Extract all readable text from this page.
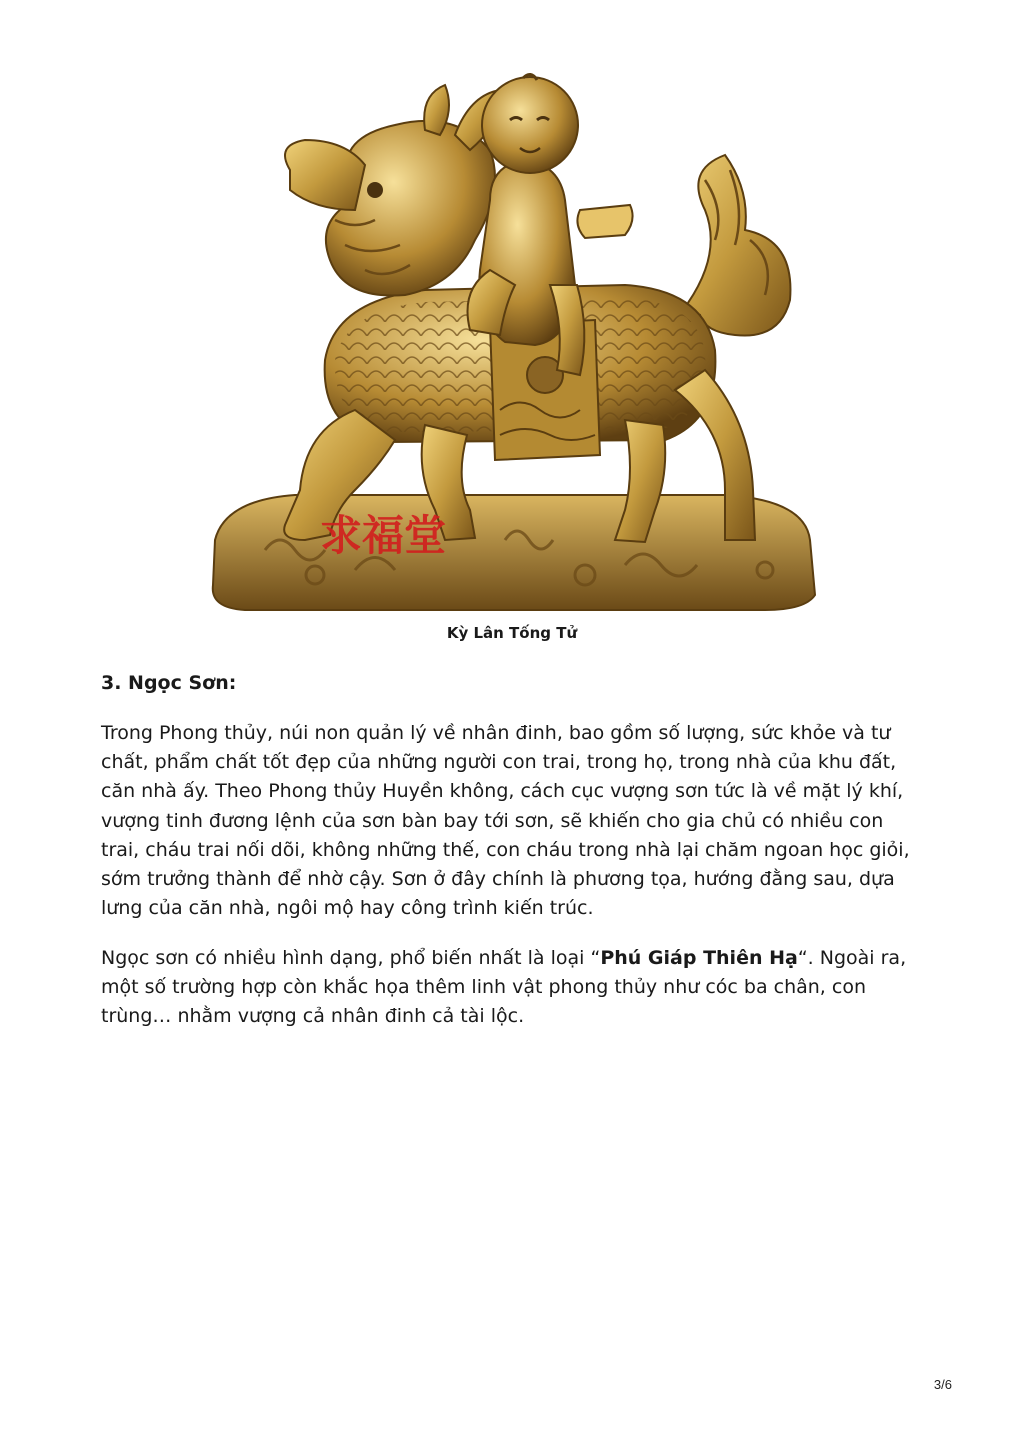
求福堂
Kỳ Lân Tống Tử
3. Ngọc Sơn:

Trong Phong thủy, núi non quản lý về nhân đinh, bao gồm số lượng, sức khỏe và tư chất, phẩm chất tốt đẹp của những người con trai, trong họ, trong nhà của khu đất, căn nhà ấy. Theo Phong thủy Huyền không, cách cục vượng sơn tức là về mặt lý khí, vượng tinh đương lệnh của sơn bàn bay tới sơn, sẽ khiến cho gia chủ có nhiều con trai, cháu trai nối dõi, không những thế, con cháu trong nhà lại chăm ngoan học giỏi, sớm trưởng thành để nhờ cậy. Sơn ở đây chính là phương tọa, hướng đằng sau, dựa lưng của căn nhà, ngôi mộ hay công trình kiến trúc.

Ngọc sơn có nhiều hình dạng, phổ biến nhất là loại “Phú Giáp Thiên Hạ“. Ngoài ra, một số trường hợp còn khắc họa thêm linh vật phong thủy như cóc ba chân, con trùng… nhằm vượng cả nhân đinh cả tài lộc.

3/6
